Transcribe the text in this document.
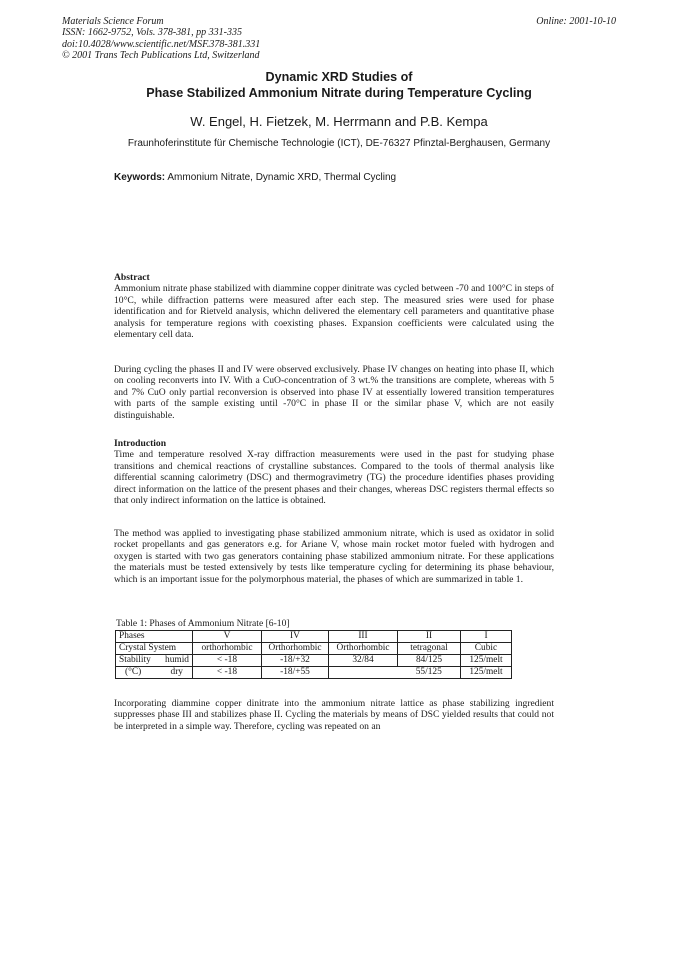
Materials Science Forum
ISSN: 1662-9752, Vols. 378-381, pp 331-335
doi:10.4028/www.scientific.net/MSF.378-381.331
© 2001 Trans Tech Publications Ltd, Switzerland
Online: 2001-10-10
Dynamic XRD Studies of
Phase Stabilized Ammonium Nitrate during Temperature Cycling
W. Engel, H. Fietzek, M. Herrmann and P.B. Kempa
Fraunhoferinstitute für Chemische Technologie (ICT), DE-76327 Pfinztal-Berghausen, Germany
Keywords: Ammonium Nitrate, Dynamic XRD, Thermal Cycling
Abstract
Ammonium nitrate phase stabilized with diammine copper dinitrate was cycled between -70 and 100°C in steps of 10°C, while diffraction patterns were measured after each step. The measured sries were used for phase identification and for Rietveld analysis, whichn delivered the elementary cell parameters and quantitative phase analysis for temperature regions with coexisting phases. Expansion coefficients were calculated using the elementary cell data.
During cycling the phases II and IV were observed exclusively. Phase IV changes on heating into phase II, which on cooling reconverts into IV. With a CuO-concentration of 3 wt.% the transitions are complete, whereas with 5 and 7% CuO only partial reconversion is observed into phase IV at essentially lowered transition temperatures with parts of the sample existing until -70°C in phase II or the similar phase V, which are not easily distinguishable.
Introduction
Time and temperature resolved X-ray diffraction measurements were used in the past for studying phase transitions and chemical reactions of crystalline substances. Compared to the tools of thermal analysis like differential scanning calorimetry (DSC) and thermogravimetry (TG) the procedure identifies phases providing direct information on the lattice of the present phases and their changes, whereas DSC registers thermal effects so that only indirect information on the lattice is obtained.
The method was applied to investigating phase stabilized ammonium nitrate, which is used as oxidator in solid rocket propellants and gas generators e.g. for Ariane V, whose main rocket motor fueled with hydrogen and oxygen is started with two gas generators containing phase stabilized ammonium nitrate. For these applications the materials must be tested extensively by tests like temperature cycling for determining its phase behaviour, which is an important issue for the polymorphous material, the phases of which are summarized in table 1.
Table 1: Phases of Ammonium Nitrate [6-10]
Phases	V	IV	III	II	I
Crystal System	orthorhombic	Orthorhombic	Orthorhombic	tetragonal	Cubic
Stability humid	< -18	-18/+32	32/84	84/125	125/melt
(°C) dry	< -18	-18/+55		55/125	125/melt
Incorporating diammine copper dinitrate into the ammonium nitrate lattice as phase stabilizing ingredient suppresses phase III and stabilizes phase II. Cycling the materials by means of DSC yielded results that could not be interpreted in a simple way. Therefore, cycling was repeated on an
